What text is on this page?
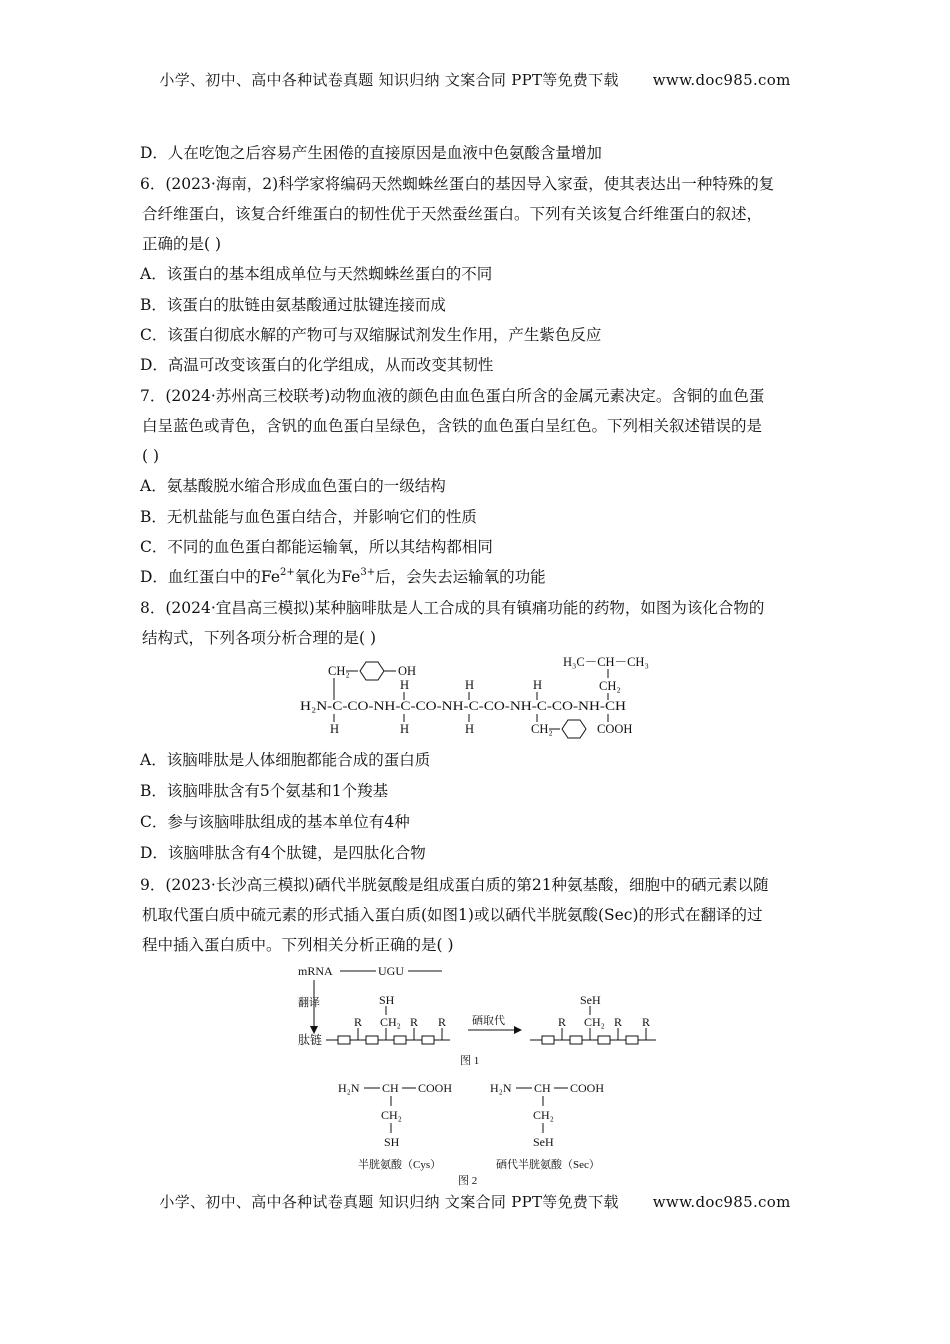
小学、初中、高中各种试卷真题 知识归纳 文案合同 PPT等免费下载 www.doc985.com
D．人在吃饱之后容易产生困倦的直接原因是血液中色氨酸含量增加
6．(2023·海南，2)科学家将编码天然蜘蛛丝蛋白的基因导入家蚕，使其表达出一种特殊的复
合纤维蛋白，该复合纤维蛋白的韧性优于天然蚕丝蛋白。下列有关该复合纤维蛋白的叙述，
正确的是( )
A．该蛋白的基本组成单位与天然蜘蛛丝蛋白的不同
B．该蛋白的肽链由氨基酸通过肽键连接而成
C．该蛋白彻底水解的产物可与双缩脲试剂发生作用，产生紫色反应
D．高温可改变该蛋白的化学组成，从而改变其韧性
7．(2024·苏州高三校联考)动物血液的颜色由血色蛋白所含的金属元素决定。含铜的血色蛋
白呈蓝色或青色，含钒的血色蛋白呈绿色，含铁的血色蛋白呈红色。下列相关叙述错误的是
( )
A．氨基酸脱水缩合形成血色蛋白的一级结构
B．无机盐能与血色蛋白结合，并影响它们的性质
C．不同的血色蛋白都能运输氧，所以其结构都相同
D．血红蛋白中的$Fe^{2+}$氧化为$Fe^{3+}$后，会失去运输氧的功能
8．(2024·宜昌高三模拟)某种脑啡肽是人工合成的具有镇痛功能的药物，如图为该化合物的
结构式，下列各项分析合理的是( )
H₃C－CH－CH₃
CH₂
CH₂	OH
H	H	H
H₂N-C-CO-NH-C-CO-NH-C-CO-NH-C-CO-NH-CH
H	H	H	CH₂	COOH
A．该脑啡肽是人体细胞都能合成的蛋白质
B．该脑啡肽含有5个氨基和1个羧基
C．参与该脑啡肽组成的基本单位有4种
D．该脑啡肽含有4个肽键，是四肽化合物
9．(2023·长沙高三模拟)硒代半胱氨酸是组成蛋白质的第21种氨基酸，细胞中的硒元素以随
机取代蛋白质中硫元素的形式插入蛋白质(如图1)或以硒代半胱氨酸(Sec)的形式在翻译的过
程中插入蛋白质中。下列相关分析正确的是( )
mRNA	UGU
翻译
肽链
R CH₂
SH
R R 硒取代	R CH₂
SeH
R R
图 1
H₂N CH COOH
CH₂
SH
半胱氨酸（Cys）
H₂N CH COOH
CH₂
SeH
硒代半胱氨酸（Sec）
图 2
小学、初中、高中各种试卷真题 知识归纳 文案合同 PPT等免费下载 www.doc985.com
